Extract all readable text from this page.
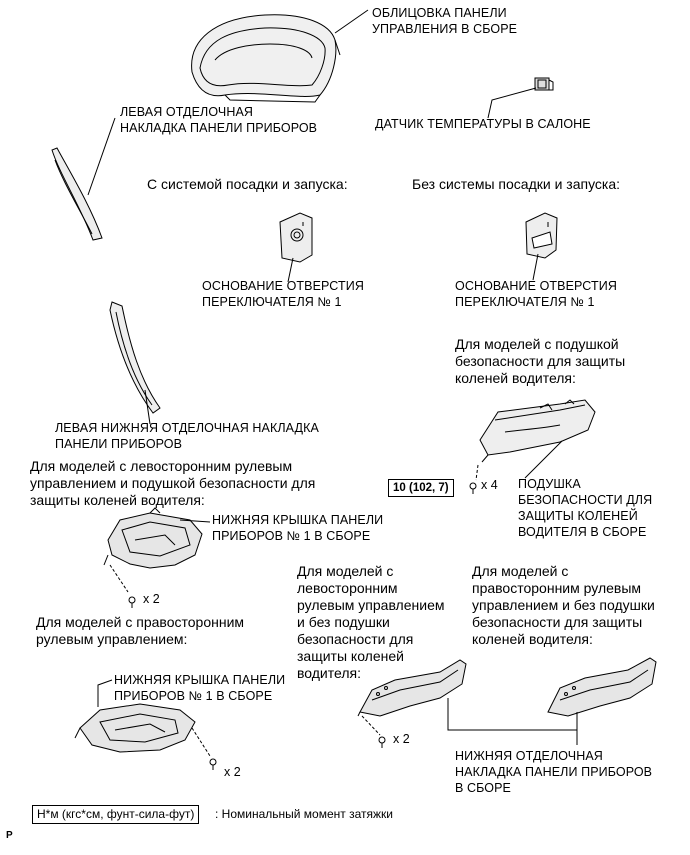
ОБЛИЦОВКА ПАНЕЛИ
УПРАВЛЕНИЯ В СБОРЕ
ЛЕВАЯ ОТДЕЛОЧНАЯ
НАКЛАДКА ПАНЕЛИ ПРИБОРОВ	ДАТЧИК ТЕМПЕРАТУРЫ В САЛОНЕ
ОСНОВАНИЕ ОТВЕРСТИЯ
ПЕРЕКЛЮЧАТЕЛЯ № 1
ОСНОВАНИЕ ОТВЕРСТИЯ
ПЕРЕКЛЮЧАТЕЛЯ № 1
ЛЕВАЯ НИЖНЯЯ ОТДЕЛОЧНАЯ НАКЛАДКА
ПАНЕЛИ ПРИБОРОВ
ПОДУШКА
БЕЗОПАСНОСТИ ДЛЯ
ЗАЩИТЫ КОЛЕНЕЙ
ВОДИТЕЛЯ В СБОРЕ
НИЖНЯЯ КРЫШКА ПАНЕЛИ
ПРИБОРОВ № 1 В СБОРЕ
НИЖНЯЯ КРЫШКА ПАНЕЛИ
ПРИБОРОВ № 1 В СБОРЕ
НИЖНЯЯ ОТДЕЛОЧНАЯ
НАКЛАДКА ПАНЕЛИ ПРИБОРОВ
В СБОРЕ
С системой посадки и запуска:	Без системы посадки и запуска:
Для моделей с подушкой
безопасности для защиты
коленей водителя:
Для моделей с левосторонним рулевым
управлением и подушкой безопасности для
защиты коленей водителя:
Для моделей с правосторонним
рулевым управлением:
Для моделей с
левосторонним
рулевым управлением
и без подушки
безопасности для
защиты коленей
водителя:
Для моделей с
правосторонним рулевым
управлением и без подушки
безопасности для защиты
коленей водителя:
10 (102, 7)	x 4
x 2
x 2
x 2
Н*м (кгс*см, фунт-сила-фут)	: Номинальный момент затяжки
P
